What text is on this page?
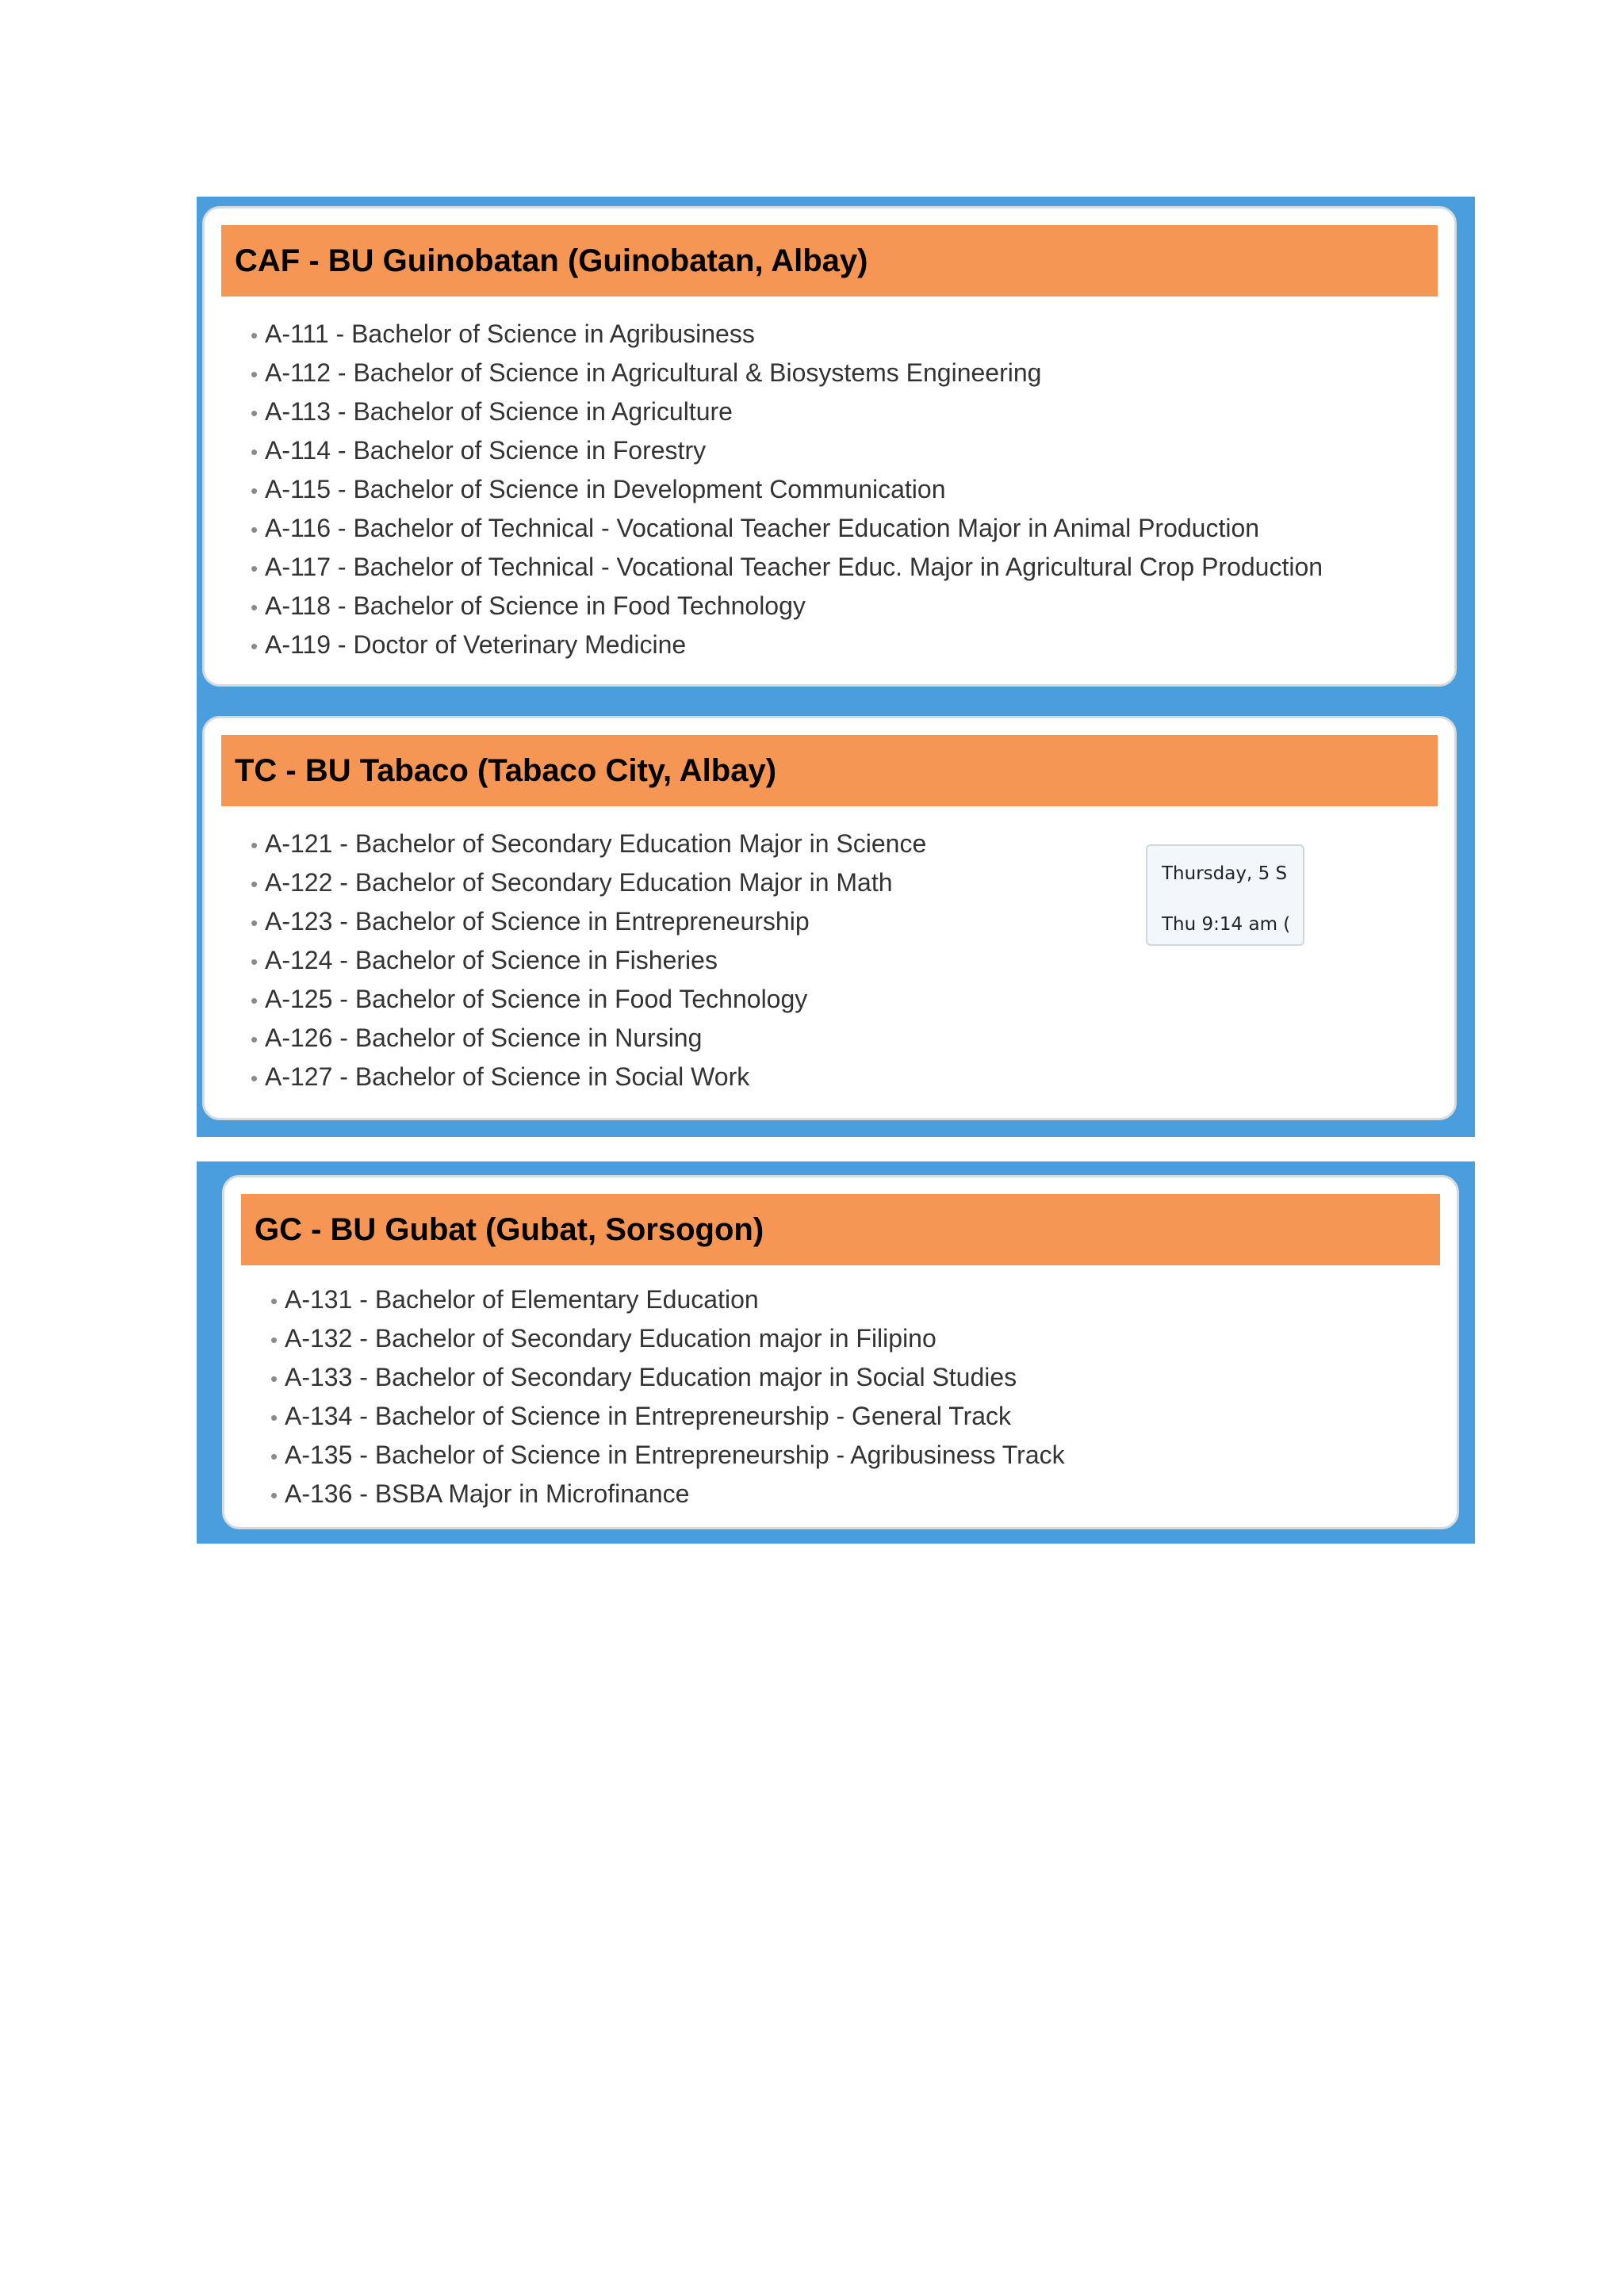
CAF - BU Guinobatan (Guinobatan, Albay)
• A-111 - Bachelor of Science in Agribusiness
• A-112 - Bachelor of Science in Agricultural & Biosystems Engineering
• A-113 - Bachelor of Science in Agriculture
• A-114 - Bachelor of Science in Forestry
• A-115 - Bachelor of Science in Development Communication
• A-116 - Bachelor of Technical - Vocational Teacher Education Major in Animal Production
• A-117 - Bachelor of Technical - Vocational Teacher Educ. Major in Agricultural Crop Production
• A-118 - Bachelor of Science in Food Technology
• A-119 - Doctor of Veterinary Medicine
TC - BU Tabaco (Tabaco City, Albay)
• A-121 - Bachelor of Secondary Education Major in Science
• A-122 - Bachelor of Secondary Education Major in Math
• A-123 - Bachelor of Science in Entrepreneurship
• A-124 - Bachelor of Science in Fisheries
• A-125 - Bachelor of Science in Food Technology
• A-126 - Bachelor of Science in Nursing
• A-127 - Bachelor of Science in Social Work
Thursday, 5 S
Thu 9:14 am (
GC - BU Gubat (Gubat, Sorsogon)
• A-131 - Bachelor of Elementary Education
• A-132 - Bachelor of Secondary Education major in Filipino
• A-133 - Bachelor of Secondary Education major in Social Studies
• A-134 - Bachelor of Science in Entrepreneurship - General Track
• A-135 - Bachelor of Science in Entrepreneurship - Agribusiness Track
• A-136 - BSBA Major in Microfinance
